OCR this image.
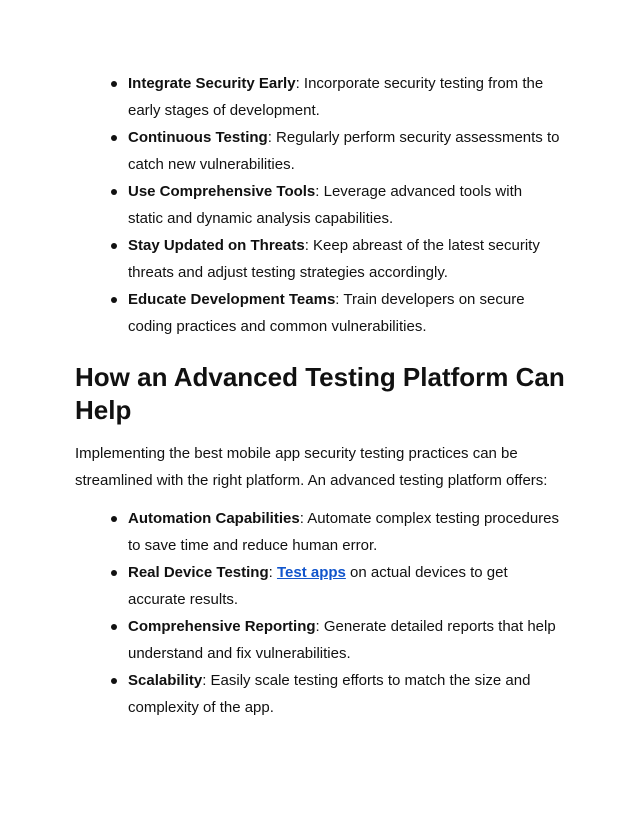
Integrate Security Early: Incorporate security testing from the early stages of development.
Continuous Testing: Regularly perform security assessments to catch new vulnerabilities.
Use Comprehensive Tools: Leverage advanced tools with static and dynamic analysis capabilities.
Stay Updated on Threats: Keep abreast of the latest security threats and adjust testing strategies accordingly.
Educate Development Teams: Train developers on secure coding practices and common vulnerabilities.
How an Advanced Testing Platform Can Help

Implementing the best mobile app security testing practices can be streamlined with the right platform. An advanced testing platform offers:

Automation Capabilities: Automate complex testing procedures to save time and reduce human error.
Real Device Testing: Test apps on actual devices to get accurate results.
Comprehensive Reporting: Generate detailed reports that help understand and fix vulnerabilities.
Scalability: Easily scale testing efforts to match the size and complexity of the app.
